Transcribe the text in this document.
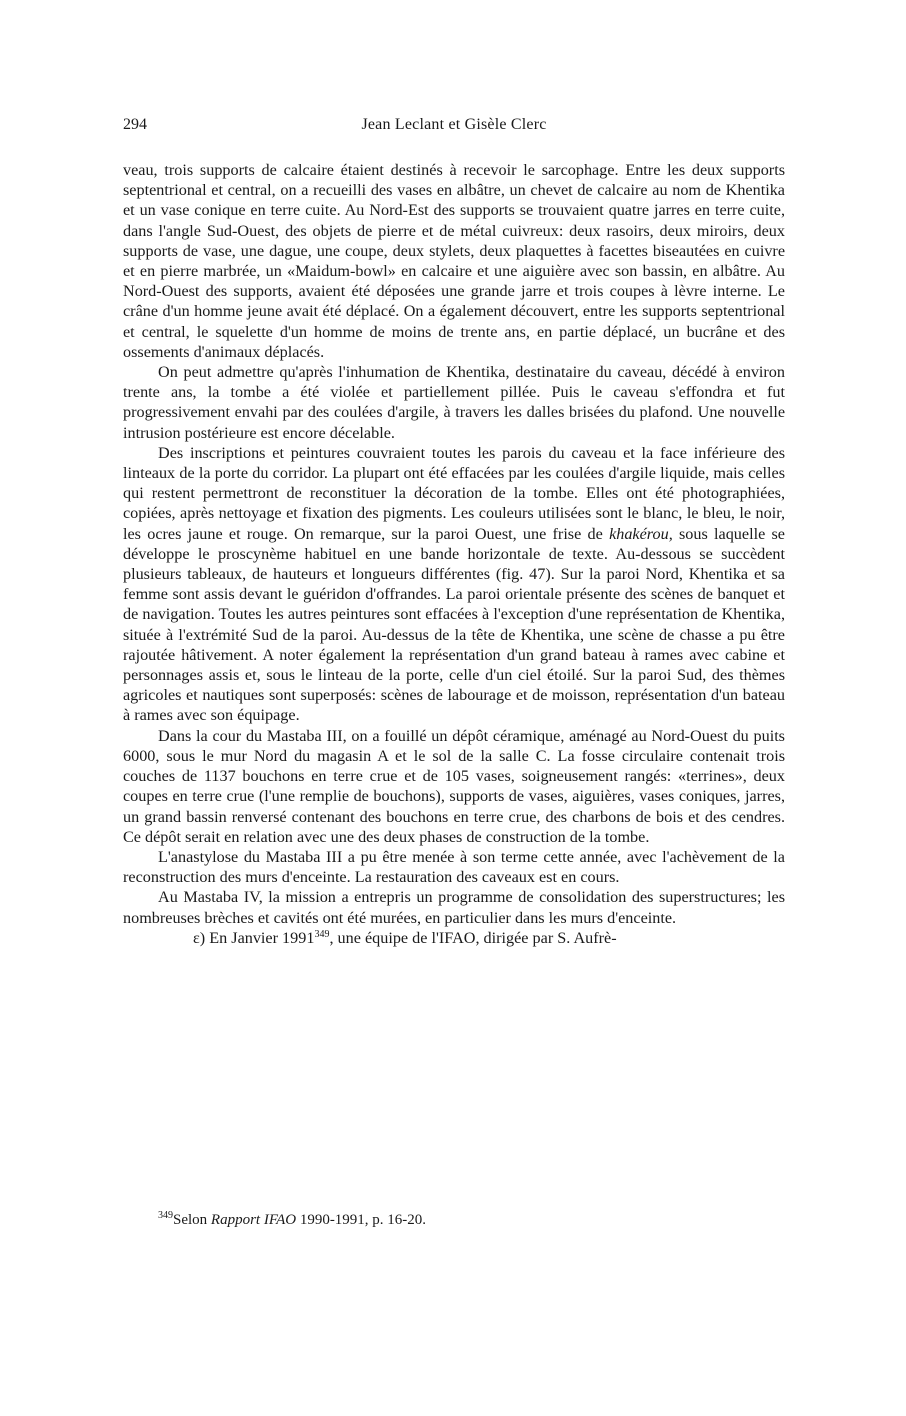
294	Jean Leclant et Gisèle Clerc

veau, trois supports de calcaire étaient destinés à recevoir le sarcophage. Entre les deux supports septentrional et central, on a recueilli des vases en albâtre, un chevet de calcaire au nom de Khentika et un vase conique en terre cuite. Au Nord-Est des supports se trouvaient quatre jarres en terre cuite, dans l'angle Sud-Ouest, des objets de pierre et de métal cuivreux: deux rasoirs, deux miroirs, deux supports de vase, une dague, une coupe, deux stylets, deux plaquettes à facettes biseautées en cuivre et en pierre marbrée, un «Maidum-bowl» en calcaire et une aiguière avec son bassin, en albâtre. Au Nord-Ouest des supports, avaient été déposées une grande jarre et trois coupes à lèvre interne. Le crâne d'un homme jeune avait été déplacé. On a également découvert, entre les supports septentrional et central, le squelette d'un homme de moins de trente ans, en partie déplacé, un bucrâne et des ossements d'animaux déplacés.

On peut admettre qu'après l'inhumation de Khentika, destinataire du caveau, décédé à environ trente ans, la tombe a été violée et partiellement pillée. Puis le caveau s'effondra et fut progressivement envahi par des coulées d'argile, à travers les dalles brisées du plafond. Une nouvelle intrusion postérieure est encore décelable.

Des inscriptions et peintures couvraient toutes les parois du caveau et la face inférieure des linteaux de la porte du corridor. La plupart ont été effacées par les coulées d'argile liquide, mais celles qui restent permettront de reconstituer la décoration de la tombe. Elles ont été photographiées, copiées, après nettoyage et fixation des pigments. Les couleurs utilisées sont le blanc, le bleu, le noir, les ocres jaune et rouge. On remarque, sur la paroi Ouest, une frise de khakérou, sous laquelle se développe le proscynème habituel en une bande horizontale de texte. Au-dessous se succèdent plusieurs tableaux, de hauteurs et longueurs différentes (fig. 47). Sur la paroi Nord, Khentika et sa femme sont assis devant le guéridon d'offrandes. La paroi orientale présente des scènes de banquet et de navigation. Toutes les autres peintures sont effacées à l'exception d'une représentation de Khentika, située à l'extrémité Sud de la paroi. Au-dessus de la tête de Khentika, une scène de chasse a pu être rajoutée hâtivement. A noter également la représentation d'un grand bateau à rames avec cabine et personnages assis et, sous le linteau de la porte, celle d'un ciel étoilé. Sur la paroi Sud, des thèmes agricoles et nautiques sont superposés: scènes de labourage et de moisson, représentation d'un bateau à rames avec son équipage.

Dans la cour du Mastaba III, on a fouillé un dépôt céramique, aménagé au Nord-Ouest du puits 6000, sous le mur Nord du magasin A et le sol de la salle C. La fosse circulaire contenait trois couches de 1137 bouchons en terre crue et de 105 vases, soigneusement rangés: «terrines», deux coupes en terre crue (l'une remplie de bouchons), supports de vases, aiguières, vases coniques, jarres, un grand bassin renversé contenant des bouchons en terre crue, des charbons de bois et des cendres. Ce dépôt serait en relation avec une des deux phases de construction de la tombe.

L'anastylose du Mastaba III a pu être menée à son terme cette année, avec l'achèvement de la reconstruction des murs d'enceinte. La restauration des caveaux est en cours.

Au Mastaba IV, la mission a entrepris un programme de consolidation des superstructures; les nombreuses brèches et cavités ont été murées, en particulier dans les murs d'enceinte.

ε) En Janvier 1991$^{349}$, une équipe de l'IFAO, dirigée par S. Aufrè-

$^{349}$Selon Rapport IFAO 1990-1991, p. 16-20.
